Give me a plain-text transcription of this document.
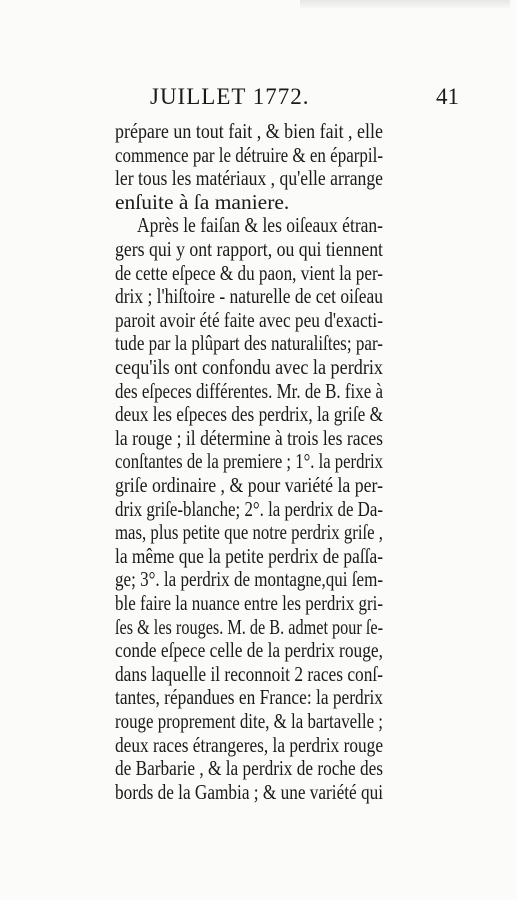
JUILLET 1772.	41
prépare un tout fait , & bien fait , elle
commence par le détruire & en éparpil-
ler tous les matériaux , qu'elle arrange
enſuite à ſa maniere.
Après le faiſan & les oiſeaux étran-
gers qui y ont rapport, ou qui tiennent
de cette eſpece & du paon, vient la per-
drix ; l'hiſtoire - naturelle de cet oiſeau
paroit avoir été faite avec peu d'exacti-
tude par la plûpart des naturaliſtes; par-
cequ'ils ont confondu avec la perdrix
des eſpeces différentes. Mr. de B. fixe à
deux les eſpeces des perdrix, la griſe &
la rouge ; il détermine à trois les races
conſtantes de la premiere ; 1°. la perdrix
griſe ordinaire , & pour variété la per-
drix griſe-blanche; 2°. la perdrix de Da-
mas, plus petite que notre perdrix griſe ,
la même que la petite perdrix de paſſa-
ge; 3°. la perdrix de montagne,qui ſem-
ble faire la nuance entre les perdrix gri-
ſes & les rouges. M. de B. admet pour ſe-
conde eſpece celle de la perdrix rouge,
dans laquelle il reconnoit 2 races conſ-
tantes, répandues en France: la perdrix
rouge proprement dite, & la bartavelle ;
deux races étrangeres, la perdrix rouge
de Barbarie , & la perdrix de roche des
bords de la Gambia ; & une variété qui
